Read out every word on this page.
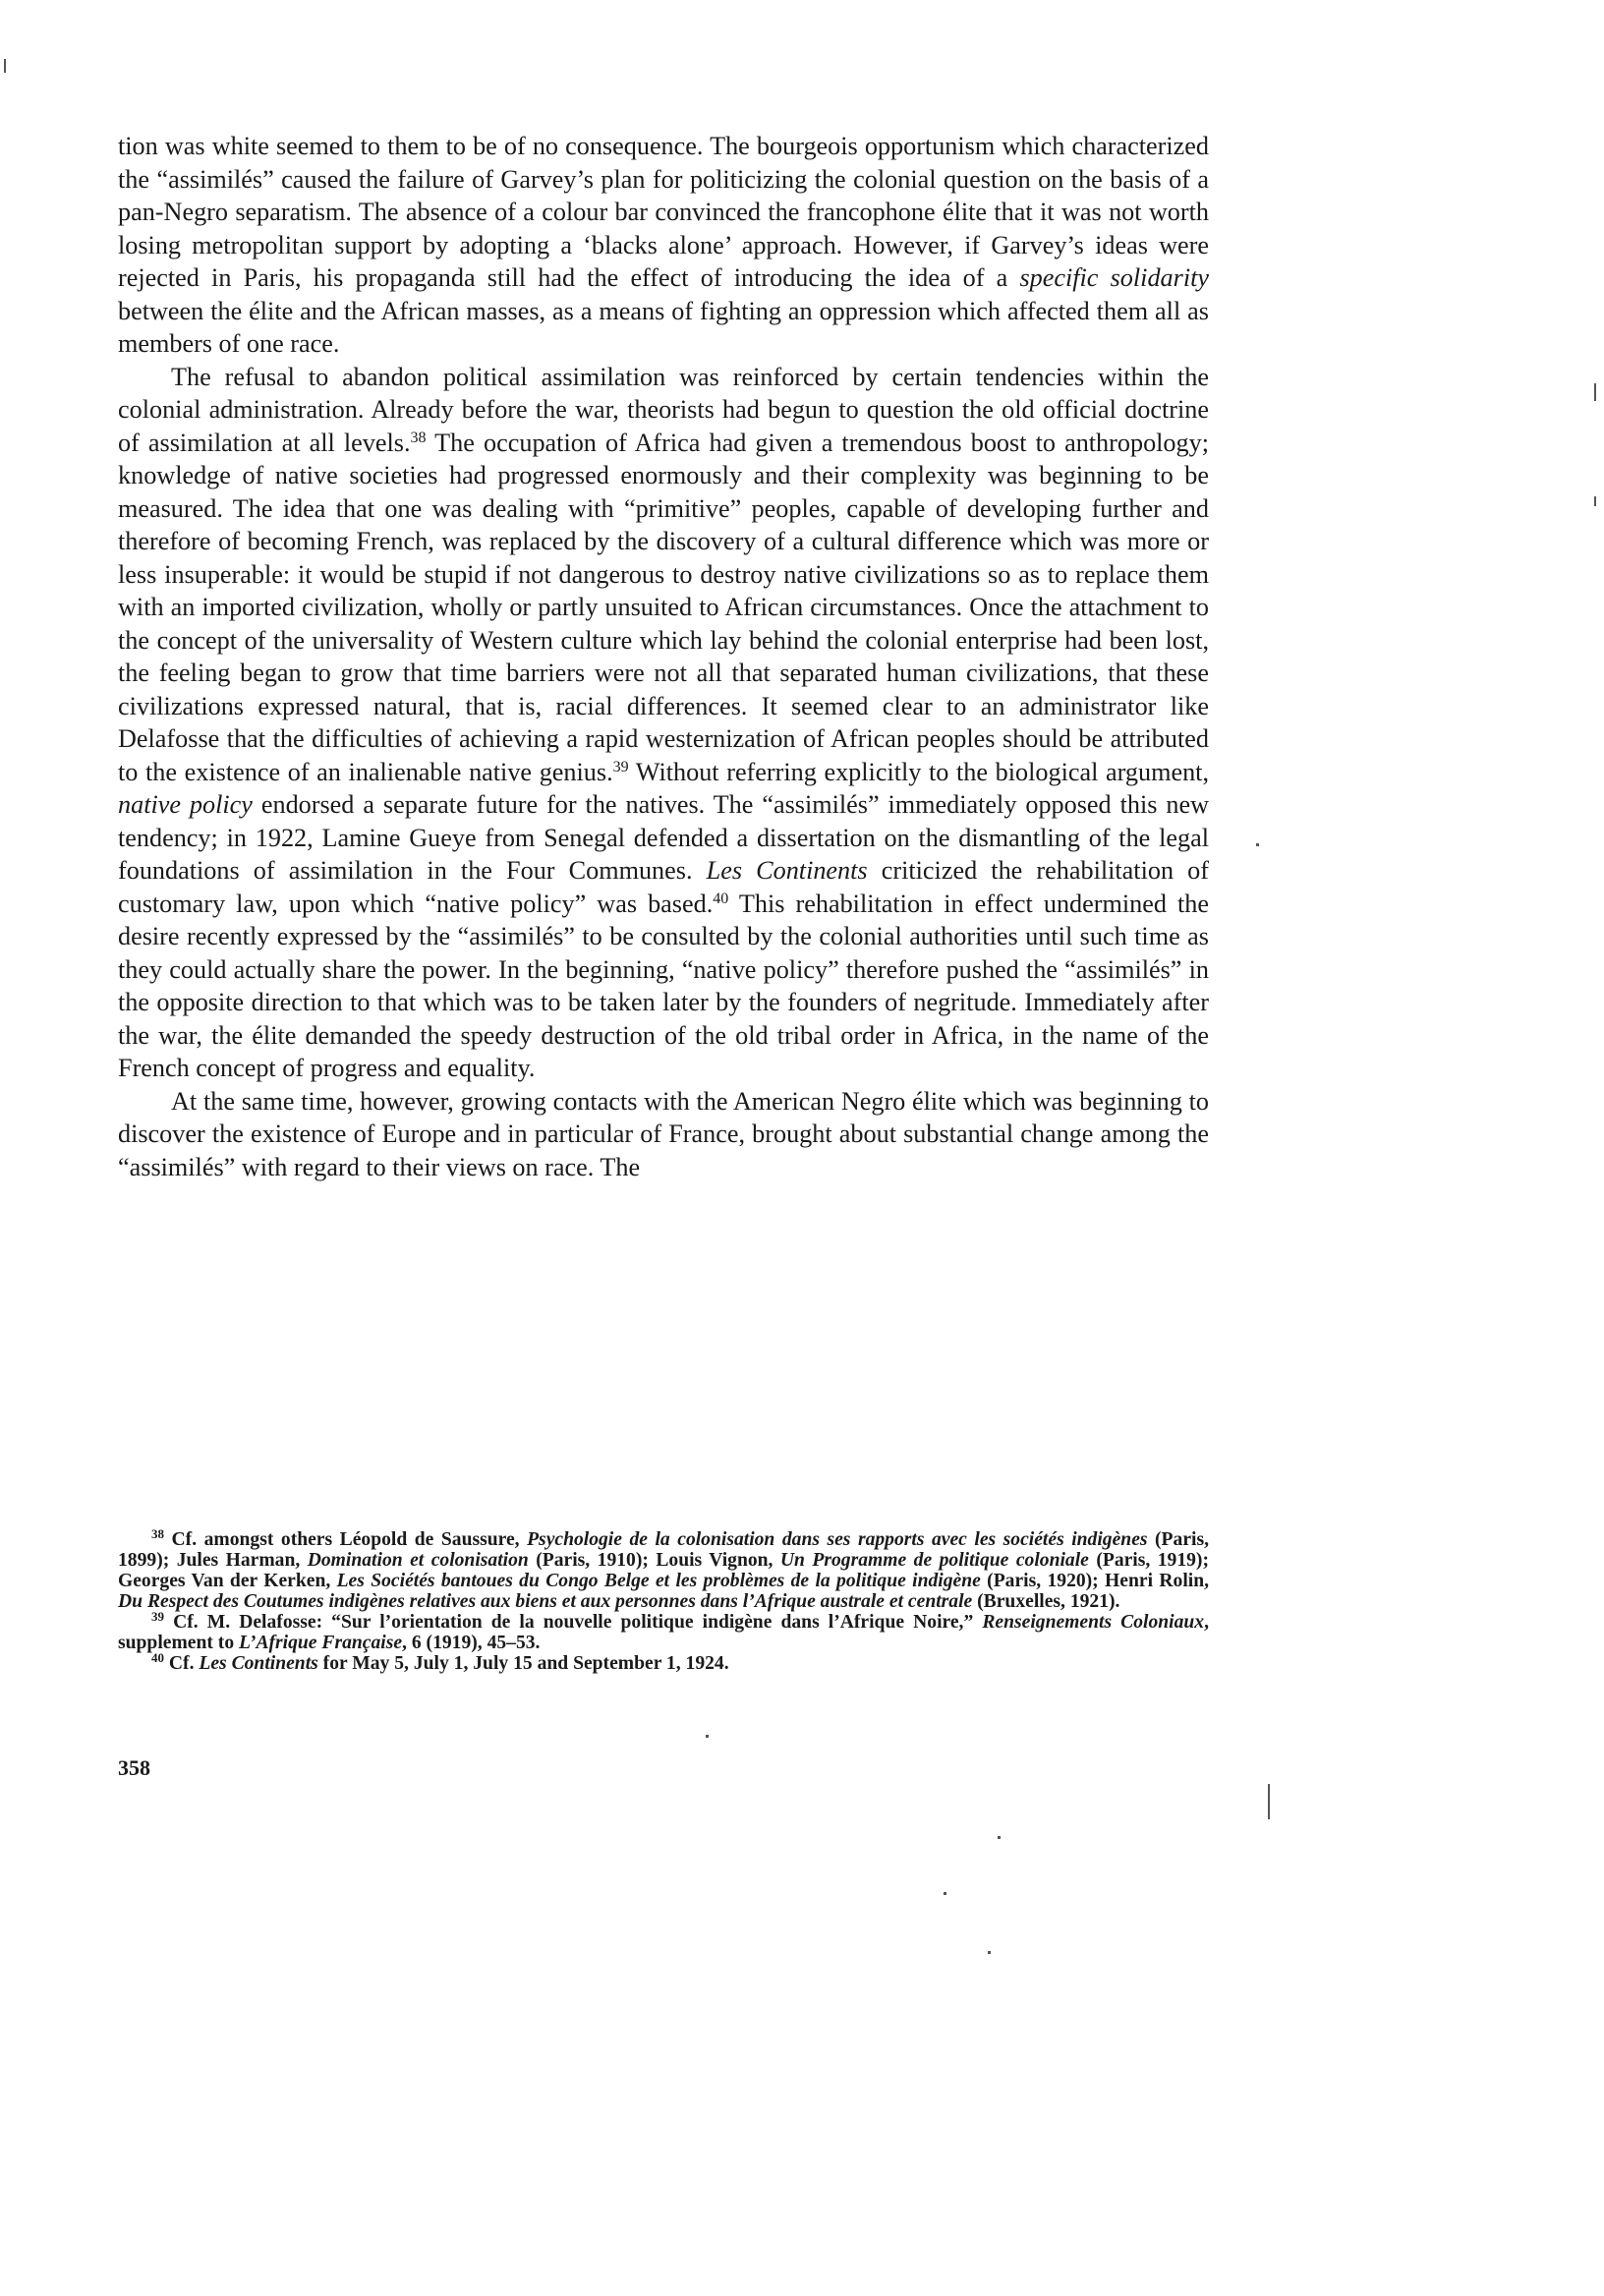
tion was white seemed to them to be of no consequence. The bourgeois opportunism which characterized the “assimilés” caused the failure of Garvey’s plan for politicizing the colonial question on the basis of a pan-Negro separatism. The absence of a colour bar convinced the francophone élite that it was not worth losing metropolitan support by adopting a ‘blacks alone’ approach. However, if Garvey’s ideas were rejected in Paris, his propaganda still had the effect of introducing the idea of a specific solidarity between the élite and the African masses, as a means of fighting an oppression which affected them all as members of one race.

The refusal to abandon political assimilation was reinforced by certain tendencies within the colonial administration. Already before the war, theorists had begun to question the old official doctrine of assimilation at all levels.$^{38}$ The occupation of Africa had given a tremendous boost to anthropology; knowledge of native societies had progressed enormously and their complexity was beginning to be measured. The idea that one was dealing with “primitive” peoples, capable of developing further and therefore of becoming French, was replaced by the discovery of a cultural difference which was more or less insuperable: it would be stupid if not dangerous to destroy native civilizations so as to replace them with an imported civilization, wholly or partly unsuited to African circumstances. Once the attachment to the concept of the universality of Western culture which lay behind the colonial enterprise had been lost, the feeling began to grow that time barriers were not all that separated human civilizations, that these civilizations expressed natural, that is, racial differences. It seemed clear to an administrator like Delafosse that the difficulties of achieving a rapid westernization of African peoples should be attributed to the existence of an inalienable native genius.$^{39}$ Without referring explicitly to the biological argument, native policy endorsed a separate future for the natives. The “assimilés” immediately opposed this new tendency; in 1922, Lamine Gueye from Senegal defended a dissertation on the dismantling of the legal foundations of assimilation in the Four Communes. Les Continents criticized the rehabilitation of customary law, upon which “native policy” was based.$^{40}$ This rehabilitation in effect undermined the desire recently expressed by the “assimilés” to be consulted by the colonial authorities until such time as they could actually share the power. In the beginning, “native policy” therefore pushed the “assimilés” in the opposite direction to that which was to be taken later by the founders of negritude. Immediately after the war, the élite demanded the speedy destruction of the old tribal order in Africa, in the name of the French concept of progress and equality.

At the same time, however, growing contacts with the American Negro élite which was beginning to discover the existence of Europe and in particular of France, brought about substantial change among the “assimilés” with regard to their views on race. The

$^{38}$ Cf. amongst others Léopold de Saussure, Psychologie de la colonisation dans ses rapports avec les sociétés indigènes (Paris, 1899); Jules Harman, Domination et colonisation (Paris, 1910); Louis Vignon, Un Programme de politique coloniale (Paris, 1919); Georges Van der Kerken, Les Sociétés bantoues du Congo Belge et les problèmes de la politique indigène (Paris, 1920); Henri Rolin, Du Respect des Coutumes indigènes relatives aux biens et aux personnes dans l’Afrique australe et centrale (Bruxelles, 1921).

$^{39}$ Cf. M. Delafosse: “Sur l’orientation de la nouvelle politique indigène dans l’Afrique Noire,” Renseignements Coloniaux, supplement to L’Afrique Française, 6 (1919), 45–53.

$^{40}$ Cf. Les Continents for May 5, July 1, July 15 and September 1, 1924.

358
